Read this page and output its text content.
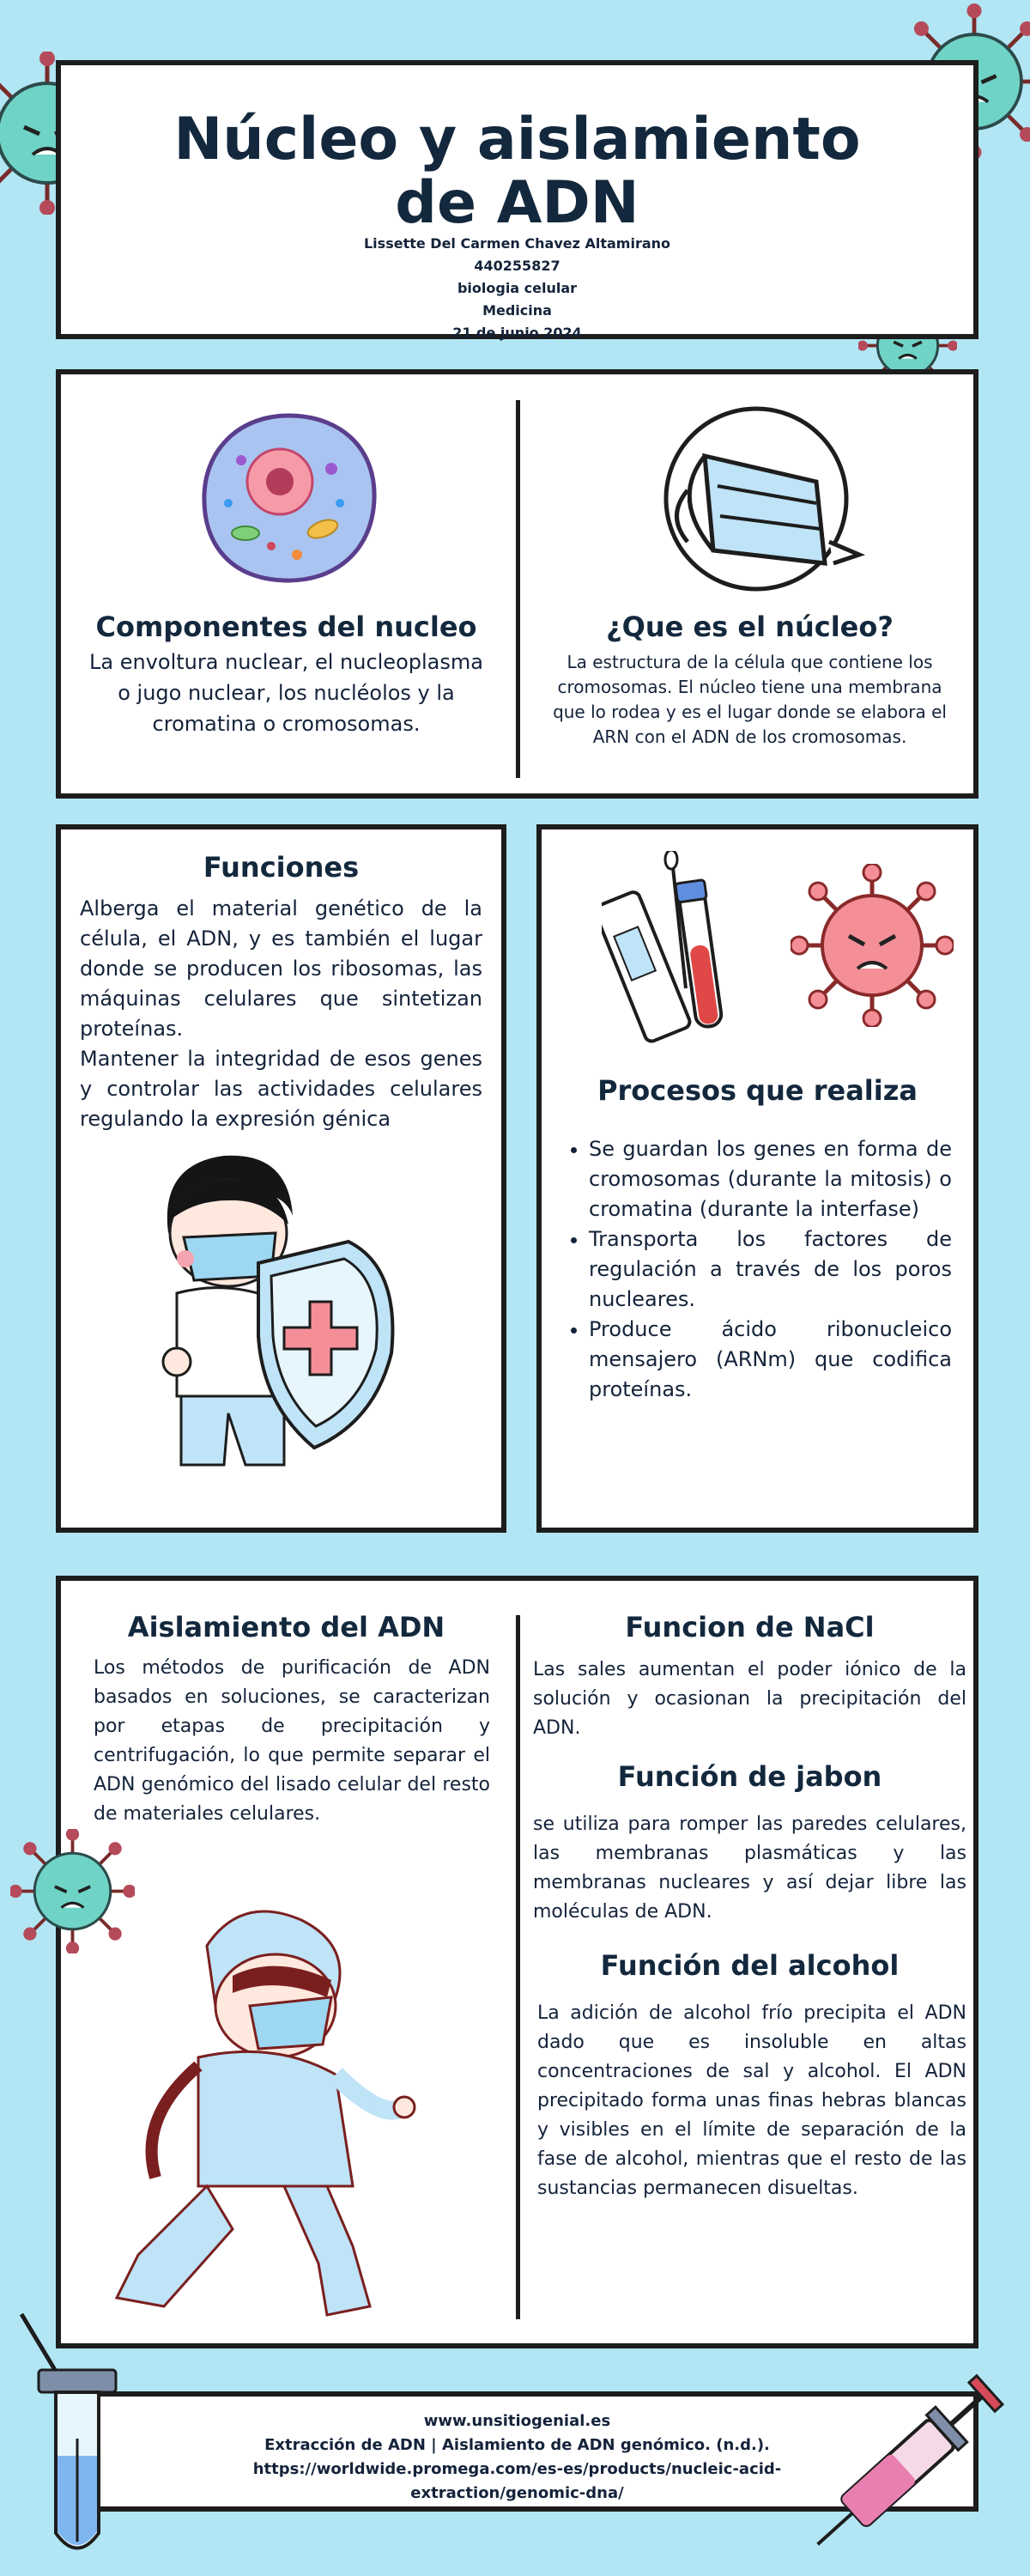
Núcleo y aislamiento de ADN
Lissette Del Carmen Chavez Altamirano
440255827
biologia celular
Medicina
21 de junio 2024
Componentes del nucleo
La envoltura nuclear, el nucleoplasma o jugo nuclear, los nucléolos y la cromatina o cromosomas.
¿Que es el núcleo?
La estructura de la célula que contiene los cromosomas. El núcleo tiene una membrana que lo rodea y es el lugar donde se elabora el ARN con el ADN de los cromosomas.
Funciones
Alberga el material genético de la célula, el ADN, y es también el lugar donde se producen los ribosomas, las máquinas celulares que sintetizan proteínas.
Mantener la integridad de esos genes y controlar las actividades celulares regulando la expresión génica
Procesos que realiza
• Se guardan los genes en forma de cromosomas (durante la mitosis) o cromatina (durante la interfase)
• Transporta los factores de regulación a través de los poros nucleares.
• Produce ácido ribonucleico mensajero (ARNm) que codifica proteínas.
Aislamiento del ADN
Los métodos de purificación de ADN basados en soluciones, se caracterizan por etapas de precipitación y centrifugación, lo que permite separar el ADN genómico del lisado celular del resto de materiales celulares.
Funcion de NaCl
Las sales aumentan el poder iónico de la solución y ocasionan la precipitación del ADN.
Función de jabon
se utiliza para romper las paredes celulares, las membranas plasmáticas y las membranas nucleares y así dejar libre las moléculas de ADN.
Función del alcohol
La adición de alcohol frío precipita el ADN dado que es insoluble en altas concentraciones de sal y alcohol. El ADN precipitado forma unas finas hebras blancas y visibles en el límite de separación de la fase de alcohol, mientras que el resto de las sustancias permanecen disueltas.
www.unsitiogenial.es
Extracción de ADN | Aislamiento de ADN genómico. (n.d.).
https://worldwide.promega.com/es-es/products/nucleic-acid-
extraction/genomic-dna/
